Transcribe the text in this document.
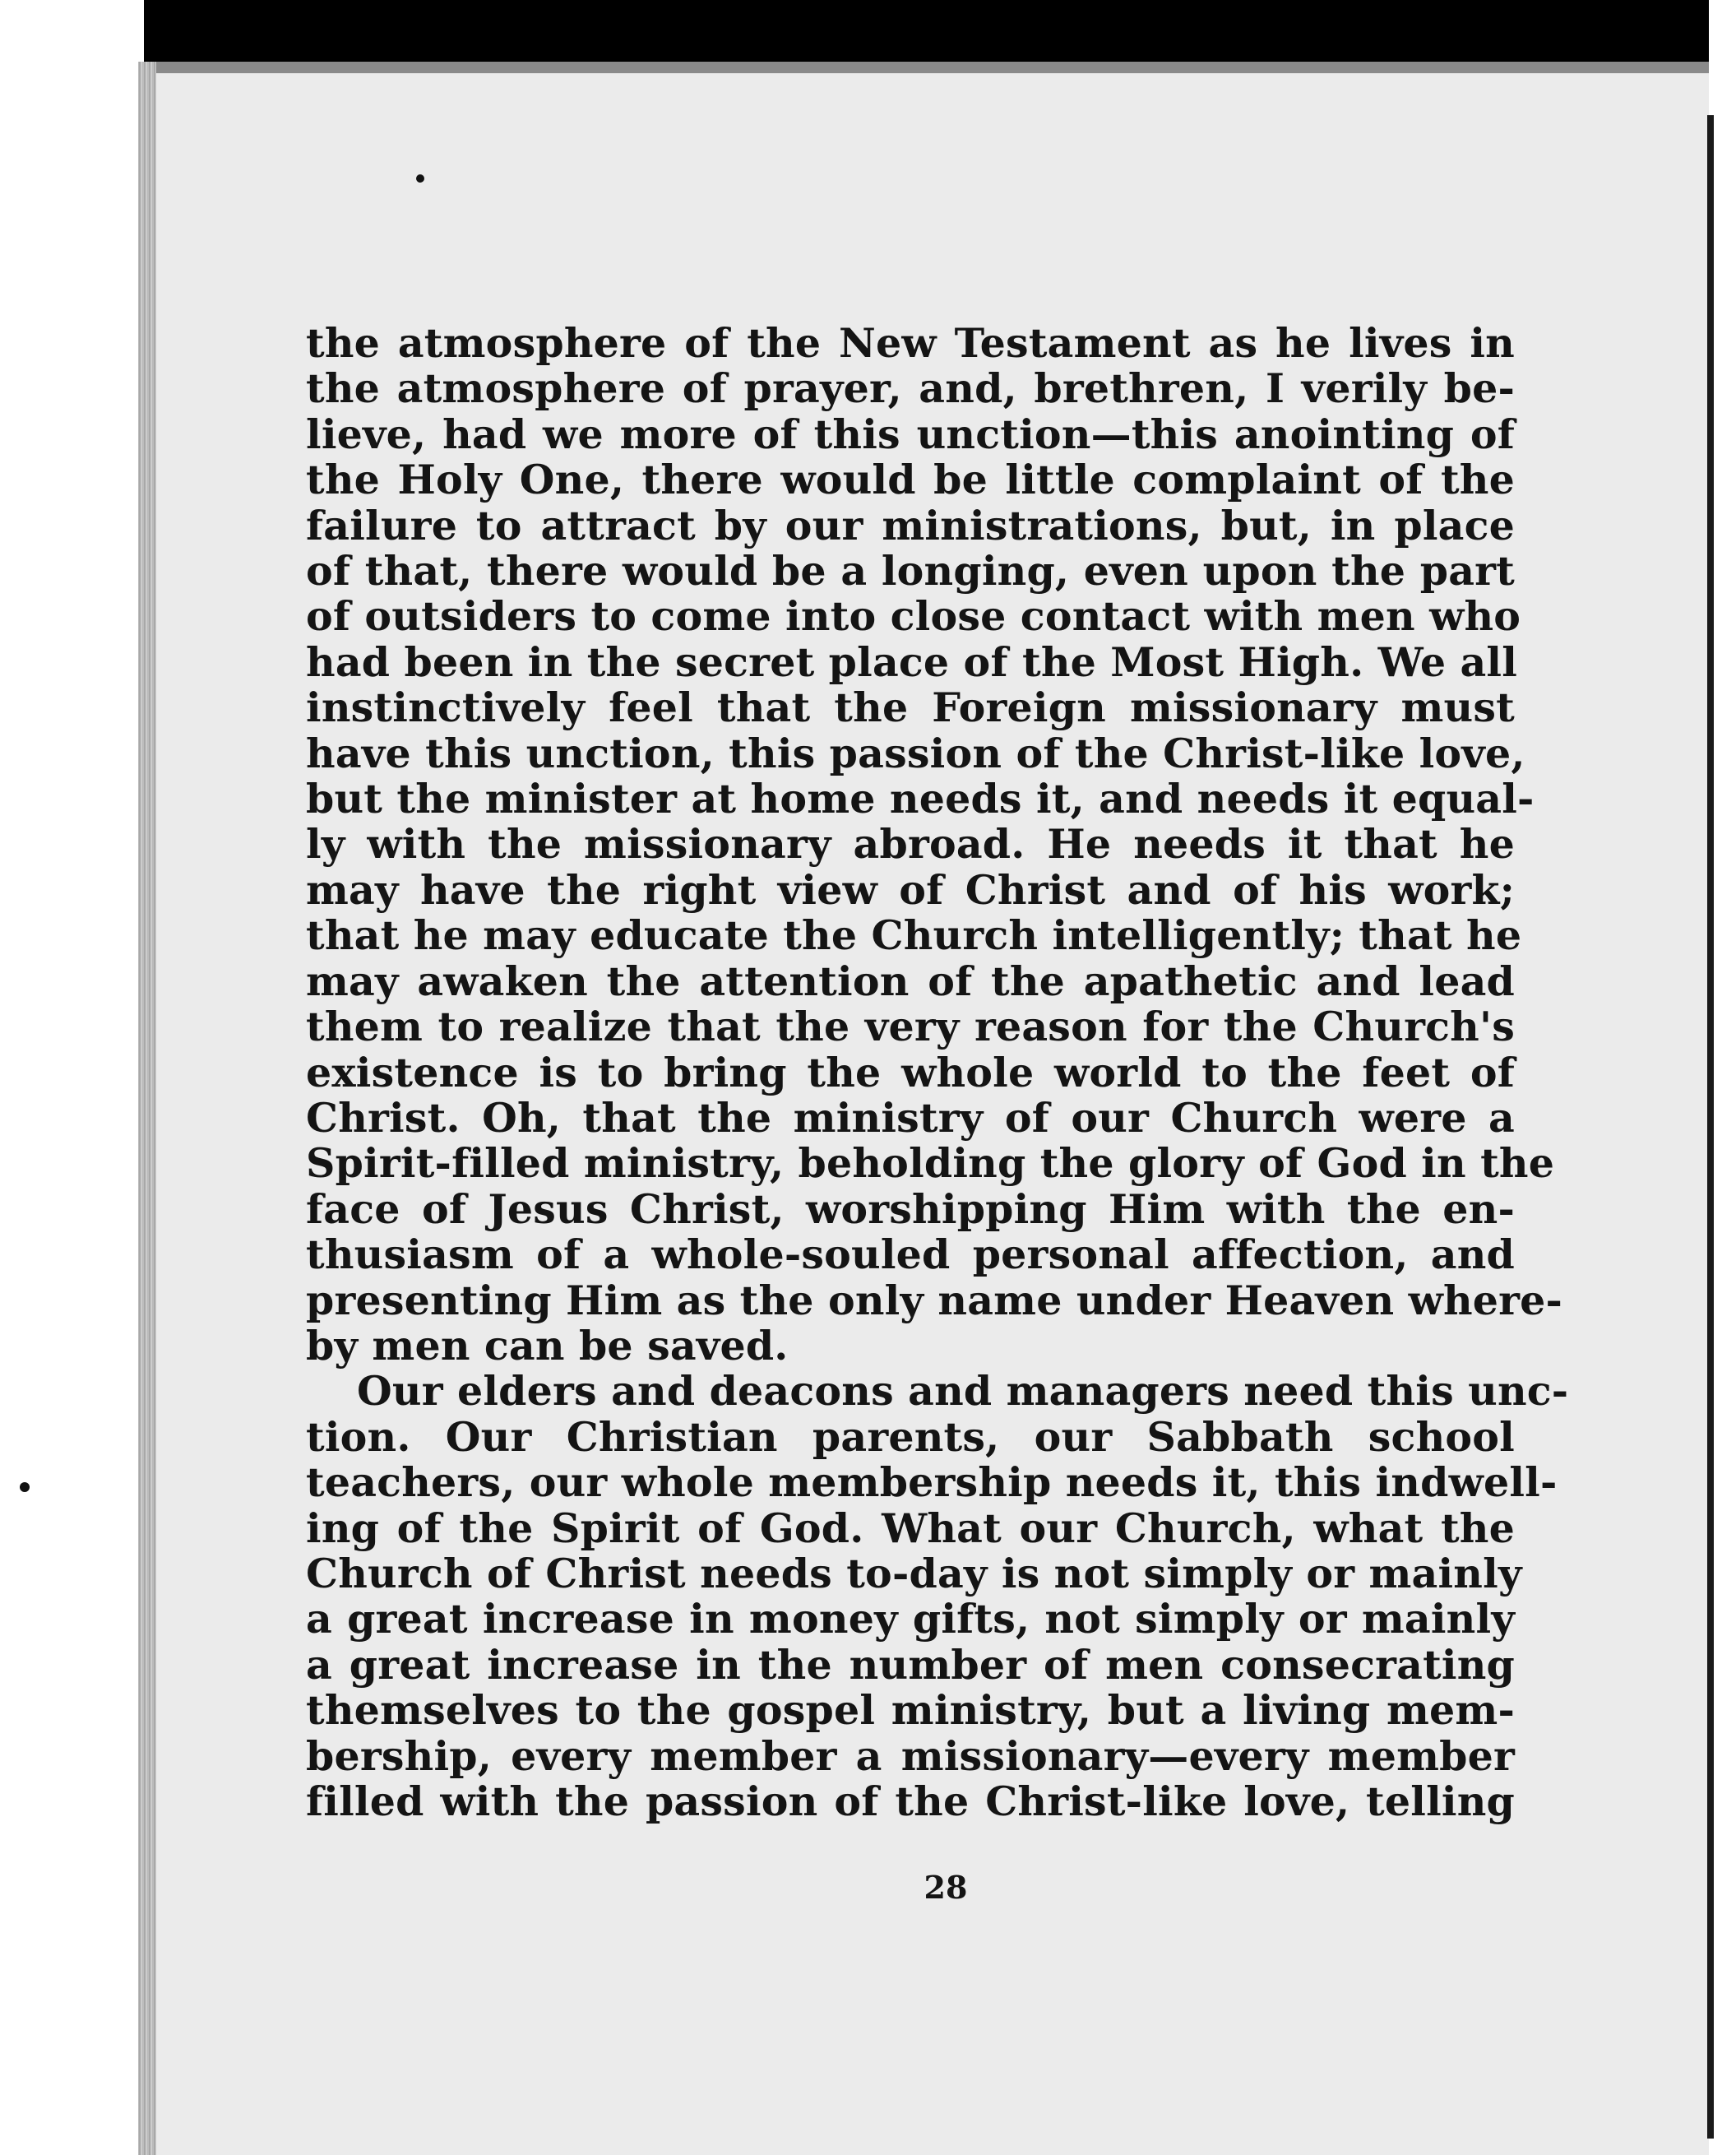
the atmosphere of the New Testament as he lives in
the atmosphere of prayer, and, brethren, I verily be-
lieve, had we more of this unction—this anointing of
the Holy One, there would be little complaint of the
failure to attract by our ministrations, but, in place
of that, there would be a longing, even upon the part
of outsiders to come into close contact with men who
had been in the secret place of the Most High. We all
instinctively feel that the Foreign missionary must
have this unction, this passion of the Christ-like love,
but the minister at home needs it, and needs it equal-
ly with the missionary abroad. He needs it that he
may have the right view of Christ and of his work;
that he may educate the Church intelligently; that he
may awaken the attention of the apathetic and lead
them to realize that the very reason for the Church's
existence is to bring the whole world to the feet of
Christ. Oh, that the ministry of our Church were a
Spirit-filled ministry, beholding the glory of God in the
face of Jesus Christ, worshipping Him with the en-
thusiasm of a whole-souled personal affection, and
presenting Him as the only name under Heaven where-
by men can be saved.
Our elders and deacons and managers need this unc-
tion. Our Christian parents, our Sabbath school
teachers, our whole membership needs it, this indwell-
ing of the Spirit of God. What our Church, what the
Church of Christ needs to-day is not simply or mainly
a great increase in money gifts, not simply or mainly
a great increase in the number of men consecrating
themselves to the gospel ministry, but a living mem-
bership, every member a missionary—every member
filled with the passion of the Christ-like love, telling
28
